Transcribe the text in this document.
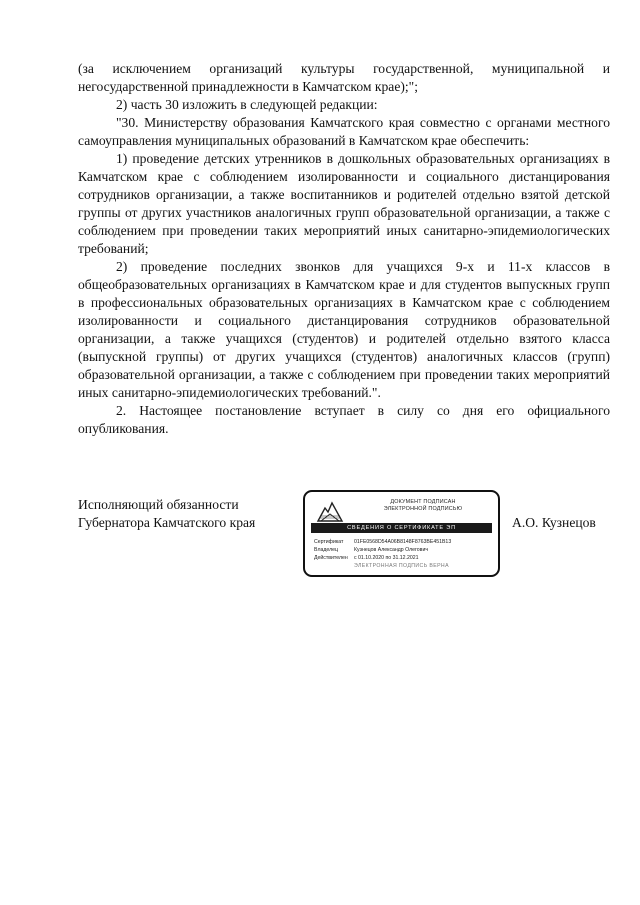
(за исключением организаций культуры государственной, муниципальной и негосударственной принадлежности в Камчатском крае);";

2) часть 30 изложить в следующей редакции:

"30. Министерству образования Камчатского края совместно с органами местного самоуправления муниципальных образований в Камчатском крае обеспечить:

1) проведение детских утренников в дошкольных образовательных организациях в Камчатском крае с соблюдением изолированности и социального дистанцирования сотрудников организации, а также воспитанников и родителей отдельно взятой детской группы от других участников аналогичных групп образовательной организации, а также с соблюдением при проведении таких мероприятий иных санитарно-эпидемиологических требований;

2) проведение последних звонков для учащихся 9-х и 11-х классов в общеобразовательных организациях в Камчатском крае и для студентов выпускных групп в профессиональных образовательных организациях в Камчатском крае с соблюдением изолированности и социального дистанцирования сотрудников образовательной организации, а также учащихся (студентов) и родителей отдельно взятого класса (выпускной группы) от других учащихся (студентов) аналогичных классов (групп) образовательной организации, а также с соблюдением при проведении таких мероприятий иных санитарно-эпидемиологических требований.".

2. Настоящее постановление вступает в силу со дня его официального опубликования.

Исполняющий обязанности
Губернатора Камчатского края
ДОКУМЕНТ ПОДПИСАН
ЭЛЕКТРОННОЙ ПОДПИСЬЮ
СВЕДЕНИЯ О СЕРТИФИКАТЕ ЭП
Сертификат	01FE0568D54A06B8148F8763BE451B13
Владелец	Кузнецов Александр Олегович
Действителен	с 01.10.2020 по 31.12.2021
ЭЛЕКТРОННАЯ ПОДПИСЬ ВЕРНА
А.О. Кузнецов
